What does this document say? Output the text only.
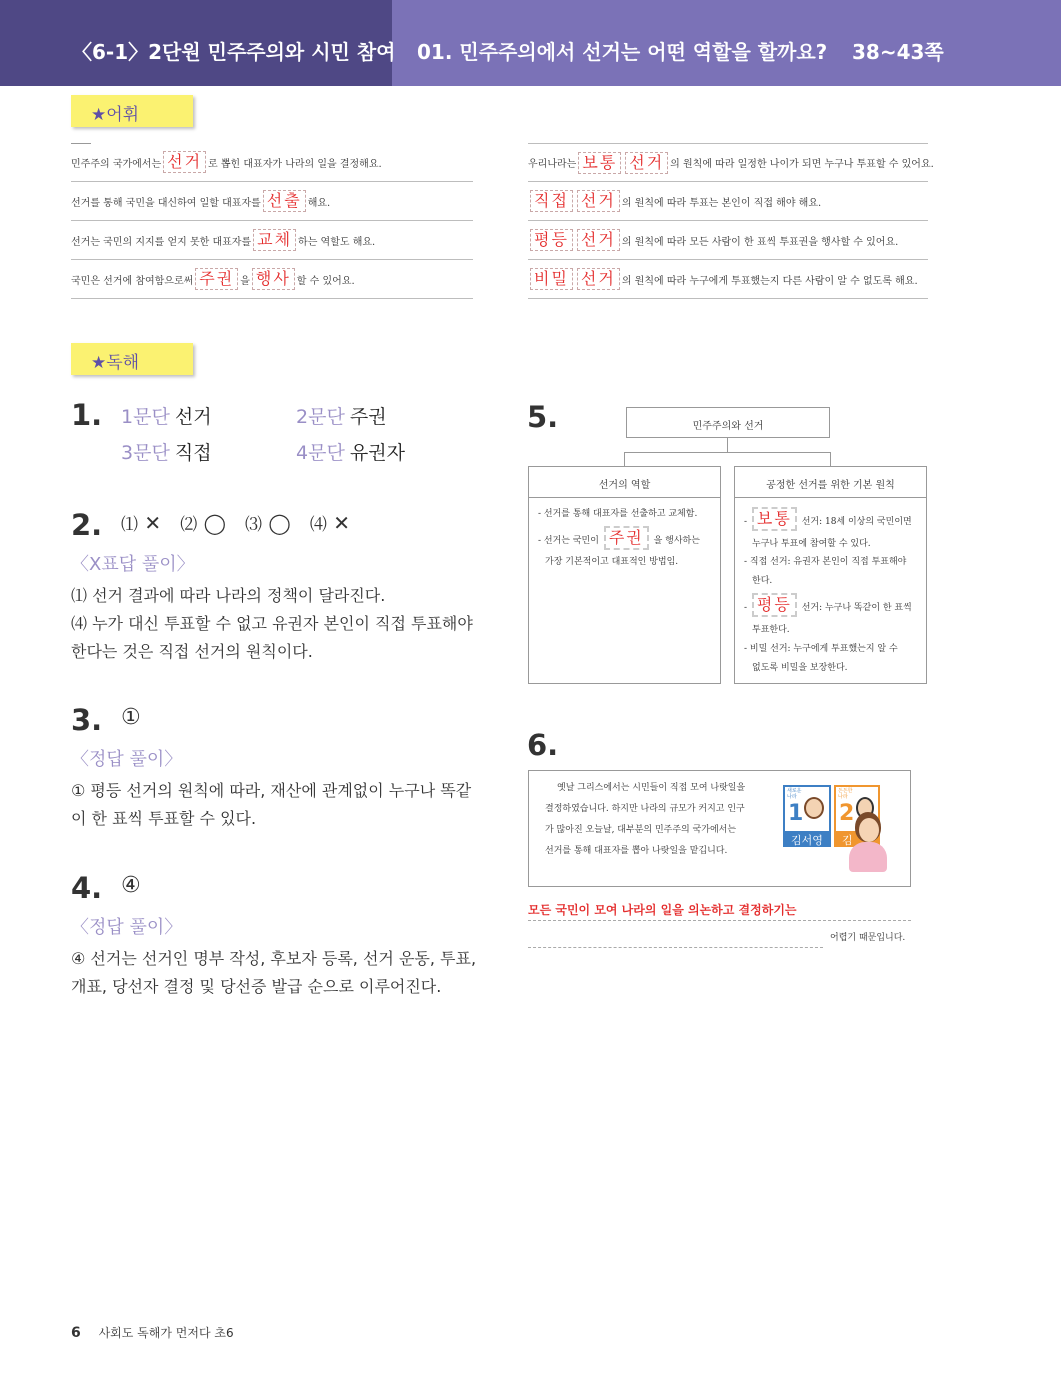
〈6-1〉2단원 민주주의와 시민 참여 01. 민주주의에서 선거는 어떤 역할을 할까요? 38~43쪽
★어휘
민주주의 국가에서는 선거 로 뽑힌 대표자가 나라의 일을 결정해요.
선거를 통해 국민을 대신하여 일할 대표자를 선출 해요.
선거는 국민의 지지를 얻지 못한 대표자를 교체 하는 역할도 해요.
국민은 선거에 참여함으로써 주권 을 행사 할 수 있어요.
우리나라는 보통 선거 의 원칙에 따라 일정한 나이가 되면 누구나 투표할 수 있어요.
직접 선거 의 원칙에 따라 투표는 본인이 직접 해야 해요.
평등 선거 의 원칙에 따라 모든 사람이 한 표씩 투표권을 행사할 수 있어요.
비밀 선거 의 원칙에 따라 누구에게 투표했는지 다른 사람이 알 수 없도록 해요.
★독해
1. 1문단 선거	2문단 주권
3문단 직접	4문단 유권자
2. ⑴ ✕ ⑵ ◯ ⑶ ◯ ⑷ ✕
〈X표답 풀이〉
⑴ 선거 결과에 따라 나라의 정책이 달라진다.
⑷ 누가 대신 투표할 수 없고 유권자 본인이 직접 투표해야
한다는 것은 직접 선거의 원칙이다.
3. ①
〈정답 풀이〉
① 평등 선거의 원칙에 따라, 재산에 관계없이 누구나 똑같
이 한 표씩 투표할 수 있다.
4. ④
〈정답 풀이〉
④ 선거는 선거인 명부 작성, 후보자 등록, 선거 운동, 투표,
개표, 당선자 결정 및 당선증 발급 순으로 이루어진다.
5.	민주주의와 선거
선거의 역할
- 선거를 통해 대표자를 선출하고 교체함.
- 선거는 국민이 주권 을 행사하는
가장 기본적이고 대표적인 방법임.
공정한 선거를 위한 기본 원칙
- 보통 선거: 18세 이상의 국민이면
누구나 투표에 참여할 수 있다.
- 직접 선거: 유권자 본인이 직접 투표해야
한다.
- 평등 선거: 누구나 똑같이 한 표씩
투표한다.
- 비밀 선거: 누구에게 투표했는지 알 수
없도록 비밀을 보장한다.
6.
옛날 그리스에서는 시민들이 직접 모여 나랏일을
결정하였습니다. 하지만 나라의 규모가 커지고 인구
가 많아진 오늘날, 대부분의 민주주의 국가에서는
선거를 통해 대표자를 뽑아 나랏일을 맡깁니다.
새로운 나라
1
김서영
든든한 나라
2
김
모든 국민이 모여 나라의 일을 의논하고 결정하기는
어렵기 때문입니다.
6 사회도 독해가 먼저다 초6
